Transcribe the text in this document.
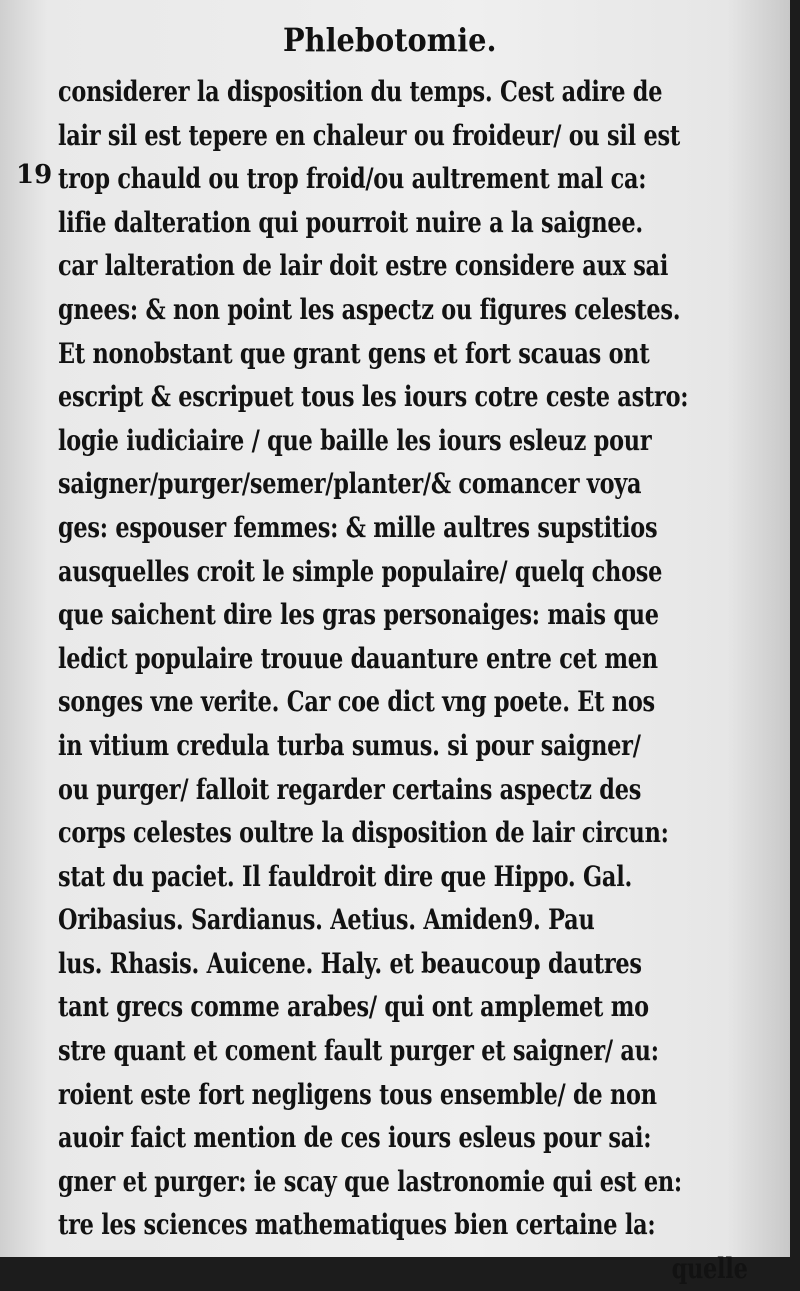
Phlebotomie.
19
considerer la disposition du temps. Cest adire de
lair sil est tepere en chaleur ou froideur/ ou sil est
trop chauld ou trop froid/ou aultrement mal ca:
lifie dalteration qui pourroit nuire a la saignee.
car lalteration de lair doit estre considere aux sai
gnees: & non point les aspectz ou figures celestes.
Et nonobstant que grant gens et fort scauas ont
escript & escripuet tous les iours cotre ceste astro:
logie iudiciaire / que baille les iours esleuz pour
saigner/purger/semer/planter/& comancer voya
ges: espouser femmes: & mille aultres supstitios
ausquelles croit le simple populaire/ quelq chose
que saichent dire les gras personaiges: mais que
ledict populaire trouue dauanture entre cet men
songes vne verite. Car coe dict vng poete. Et nos
in vitium credula turba sumus. si pour saigner/
ou purger/ falloit regarder certains aspectz des
corps celestes oultre la disposition de lair circun:
stat du paciet. Il fauldroit dire que Hippo. Gal.
Oribasius. Sardianus. Aetius. Amiden9. Pau
lus. Rhasis. Auicene. Haly. et beaucoup dautres
tant grecs comme arabes/ qui ont amplemet mo
stre quant et coment fault purger et saigner/ au:
roient este fort negligens tous ensemble/ de non
auoir faict mention de ces iours esleus pour sai:
gner et purger: ie scay que lastronomie qui est en:
tre les sciences mathematiques bien certaine la:
quelle
